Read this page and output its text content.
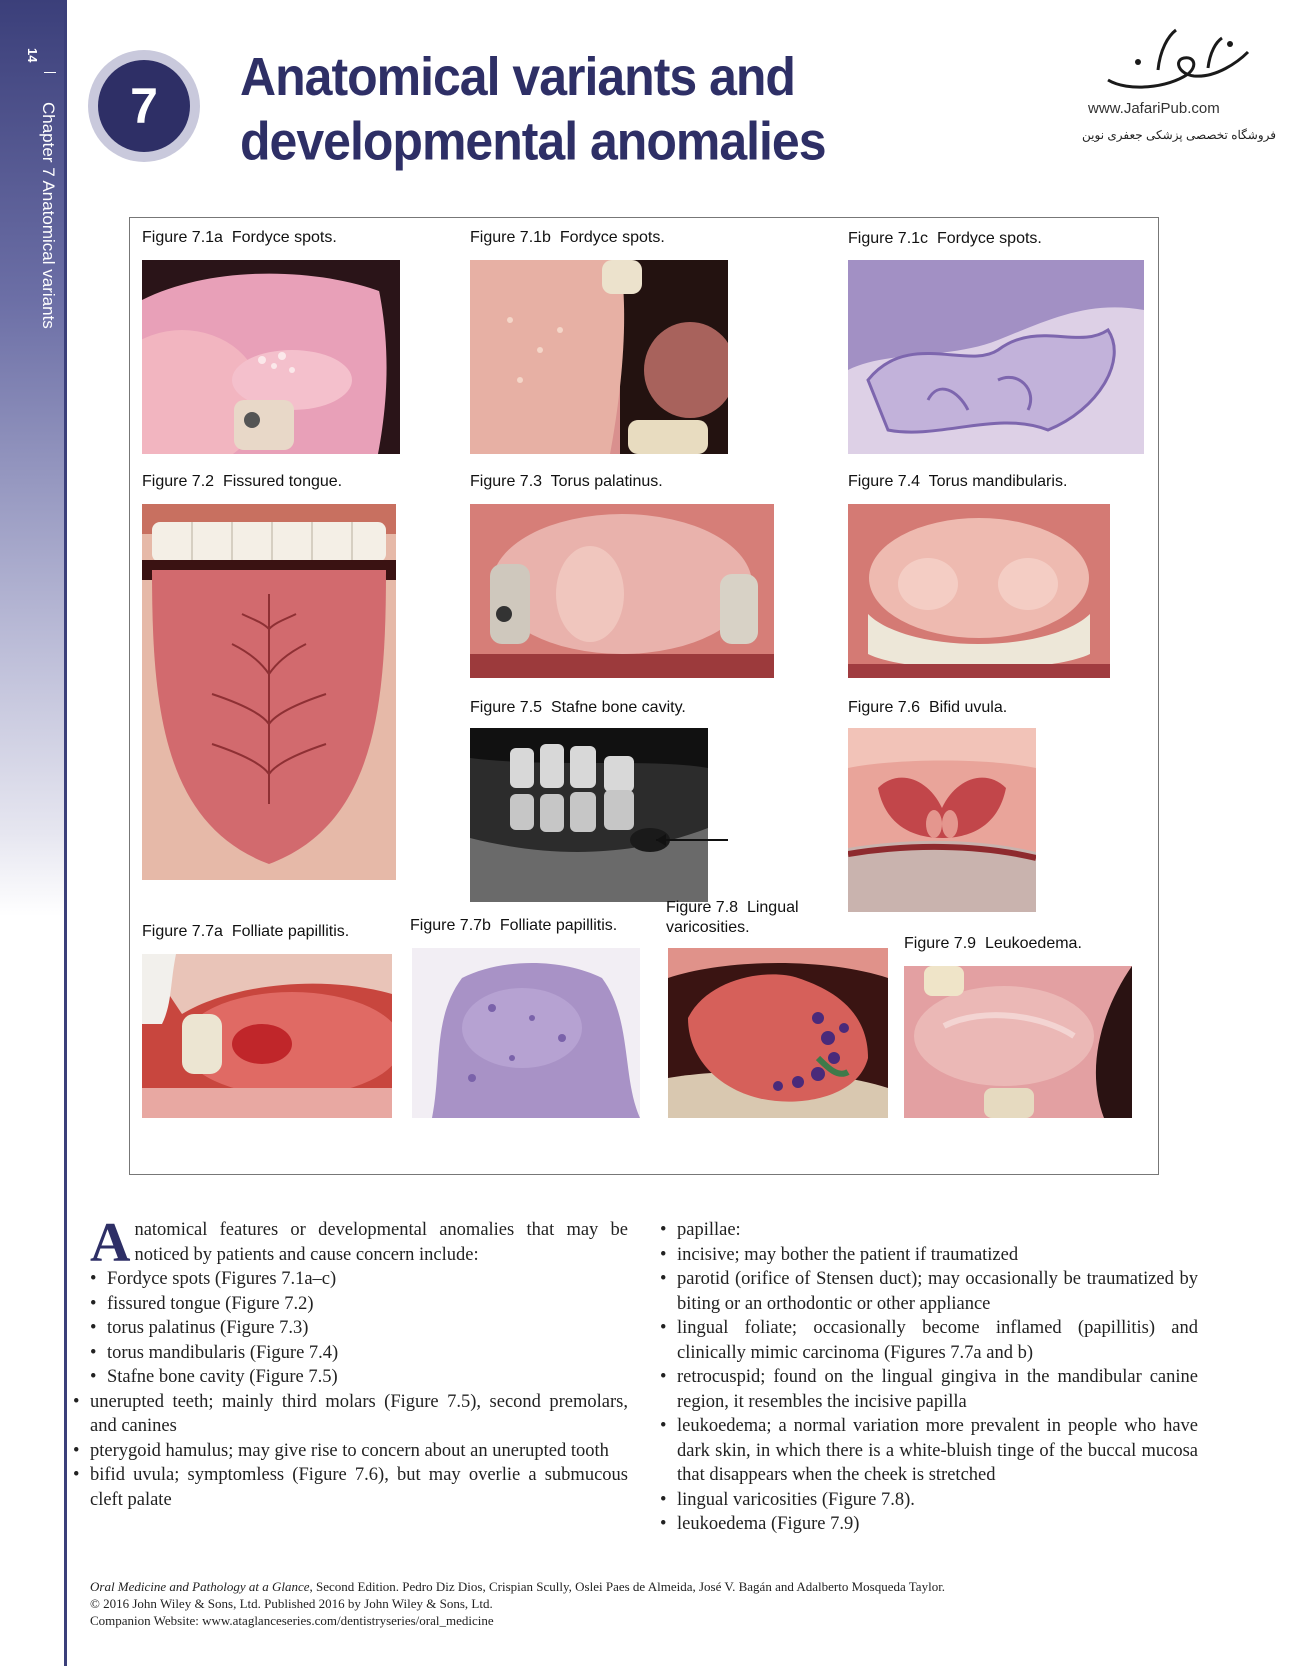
14
Chapter 7 Anatomical variants	7	Anatomical variants and developmental anomalies
www.JafariPub.com
فروشگاه تخصصی پزشکی جعفری نوین
Figure 7.1a Fordyce spots.	Figure 7.1b Fordyce spots.	Figure 7.1c Fordyce spots.
Figure 7.2 Fissured tongue.	Figure 7.3 Torus palatinus.	Figure 7.4 Torus mandibularis.
Figure 7.5 Stafne bone cavity.	Figure 7.6 Bifid uvula.
Figure 7.7a Folliate papillitis.	Figure 7.7b Folliate papillitis.
Figure 7.8 Lingual varicosities.
Figure 7.9 Leukoedema.

Anatomical features or developmental anomalies that may be noticed by patients and cause concern include:

• Fordyce spots (Figures 7.1a–c)

• fissured tongue (Figure 7.2)

• torus palatinus (Figure 7.3)

• torus mandibularis (Figure 7.4)

• Stafne bone cavity (Figure 7.5)

• unerupted teeth; mainly third molars (Figure 7.5), second premolars, and canines

• pterygoid hamulus; may give rise to concern about an unerupted tooth

• bifid uvula; symptomless (Figure 7.6), but may overlie a submucous cleft palate

• papillae:

• incisive; may bother the patient if traumatized

• parotid (orifice of Stensen duct); may occasionally be traumatized by biting or an orthodontic or other appliance

• lingual foliate; occasionally become inflamed (papillitis) and clinically mimic carcinoma (Figures 7.7a and b)

• retrocuspid; found on the lingual gingiva in the mandibular canine region, it resembles the incisive papilla

• leukoedema; a normal variation more prevalent in people who have dark skin, in which there is a white-bluish tinge of the buccal mucosa that disappears when the cheek is stretched

• lingual varicosities (Figure 7.8).

• leukoedema (Figure 7.9)

Oral Medicine and Pathology at a Glance, Second Edition. Pedro Diz Dios, Crispian Scully, Oslei Paes de Almeida, José V. Bagán and Adalberto Mosqueda Taylor.
© 2016 John Wiley & Sons, Ltd. Published 2016 by John Wiley & Sons, Ltd.
Companion Website: www.ataglanceseries.com/dentistryseries/oral_medicine
